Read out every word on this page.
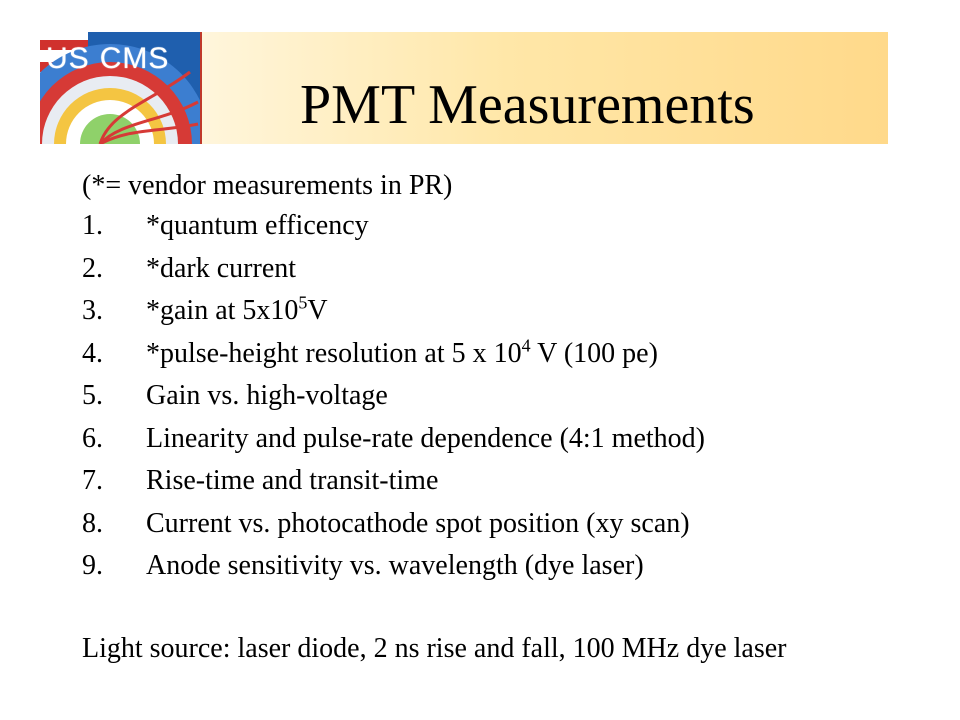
US CMS
PMT Measurements
(*= vendor measurements in PR)
1. *quantum efficency
2. *dark current
3. *gain at $5x10^5V$
4. *pulse-height resolution at 5 x $10^4$ V (100 pe)
5. Gain vs. high-voltage
6. Linearity and pulse-rate dependence (4:1 method)
7. Rise-time and transit-time
8. Current vs. photocathode spot position (xy scan)
9. Anode sensitivity vs. wavelength (dye laser)
Light source: laser diode, 2 ns rise and fall, 100 MHz dye laser
